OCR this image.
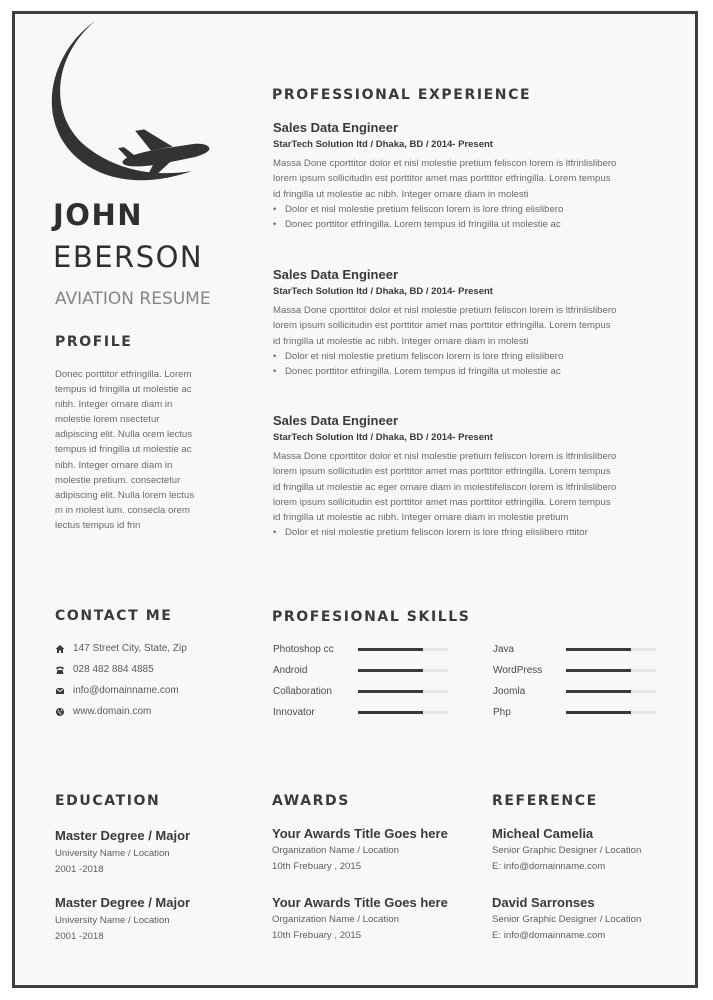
JOHN
EBERSON
AVIATION RESUME
PROFILE
Donec porttitor etfringilla. Lorem
tempus id fringilla ut molestie ac
nibh. Integer ornare diam in
molestie lorem nsectetur
adipiscing elit. Nulla orem lectus
tempus id fringilla ut molestie ac
nibh. Integer ornare diam in
molestie pretium. consectetur
adipiscing elit. Nulla lorem lectus
m in molest ium. consecla orem
lectus tempus id frin
PROFESSIONAL EXPERIENCE
Sales Data Engineer
StarTech Solution ltd / Dhaka, BD / 2014- Present
Massa Done cporttitor dolor et nisl molestie pretium feliscon lorem is ltfrinlislibero
lorem ipsum sollicitudin est porttitor amet mas porttitor etfringilla. Lorem tempus
id fringilla ut molestie ac nibh. Integer ornare diam in molesti
• Dolor et nisl molestie pretium feliscon lorem is lore tfring elislibero
• Donec porttitor etfringilla. Lorem tempus id fringilla ut molestie ac
Sales Data Engineer
StarTech Solution ltd / Dhaka, BD / 2014- Present
Massa Done cporttitor dolor et nisl molestie pretium feliscon lorem is ltfrinlislibero
lorem ipsum sollicitudin est porttitor amet mas porttitor etfringilla. Lorem tempus
id fringilla ut molestie ac nibh. Integer ornare diam in molesti
• Dolor et nisl molestie pretium feliscon lorem is lore tfring elislibero
• Donec porttitor etfringilla. Lorem tempus id fringilla ut molestie ac
Sales Data Engineer
StarTech Solution ltd / Dhaka, BD / 2014- Present
Massa Done cporttitor dolor et nisl molestie pretium feliscon lorem is ltfrinlislibero
lorem ipsum sollicitudin est porttitor amet mas porttitor etfringilla. Lorem tempus
id fringilla ut molestie ac eger ornare diam in molestifeliscon lorem is ltfrinlislibero
lorem ipsum sollicitudin est porttitor amet mas porttitor etfringilla. Lorem tempus
id fringilla ut molestie ac nibh. Integer ornare diam in molestie pretium
• Dolor et nisl molestie pretium feliscon lorem is lore tfring elislibero rttitor
CONTACT ME
147 Street City, State, Zip
028 482 884 4885
info@domainname.com
www.domain.com
PROFESIONAL SKILLS
Photoshop cc
Android
Collaboration
Innovator
Java
WordPress
Joomla
Php
EDUCATION
Master Degree / Major
University Name / Location
2001 -2018
Master Degree / Major
University Name / Location
2001 -2018
AWARDS
Your Awards Title Goes here
Organization Name / Location
10th Frebuary , 2015
Your Awards Title Goes here
Organization Name / Location
10th Frebuary , 2015
REFERENCE
Micheal Camelia
Senior Graphic Designer / Location
E: info@domainname.com
David Sarronses
Senior Graphic Designer / Location
E: info@domainname.com
